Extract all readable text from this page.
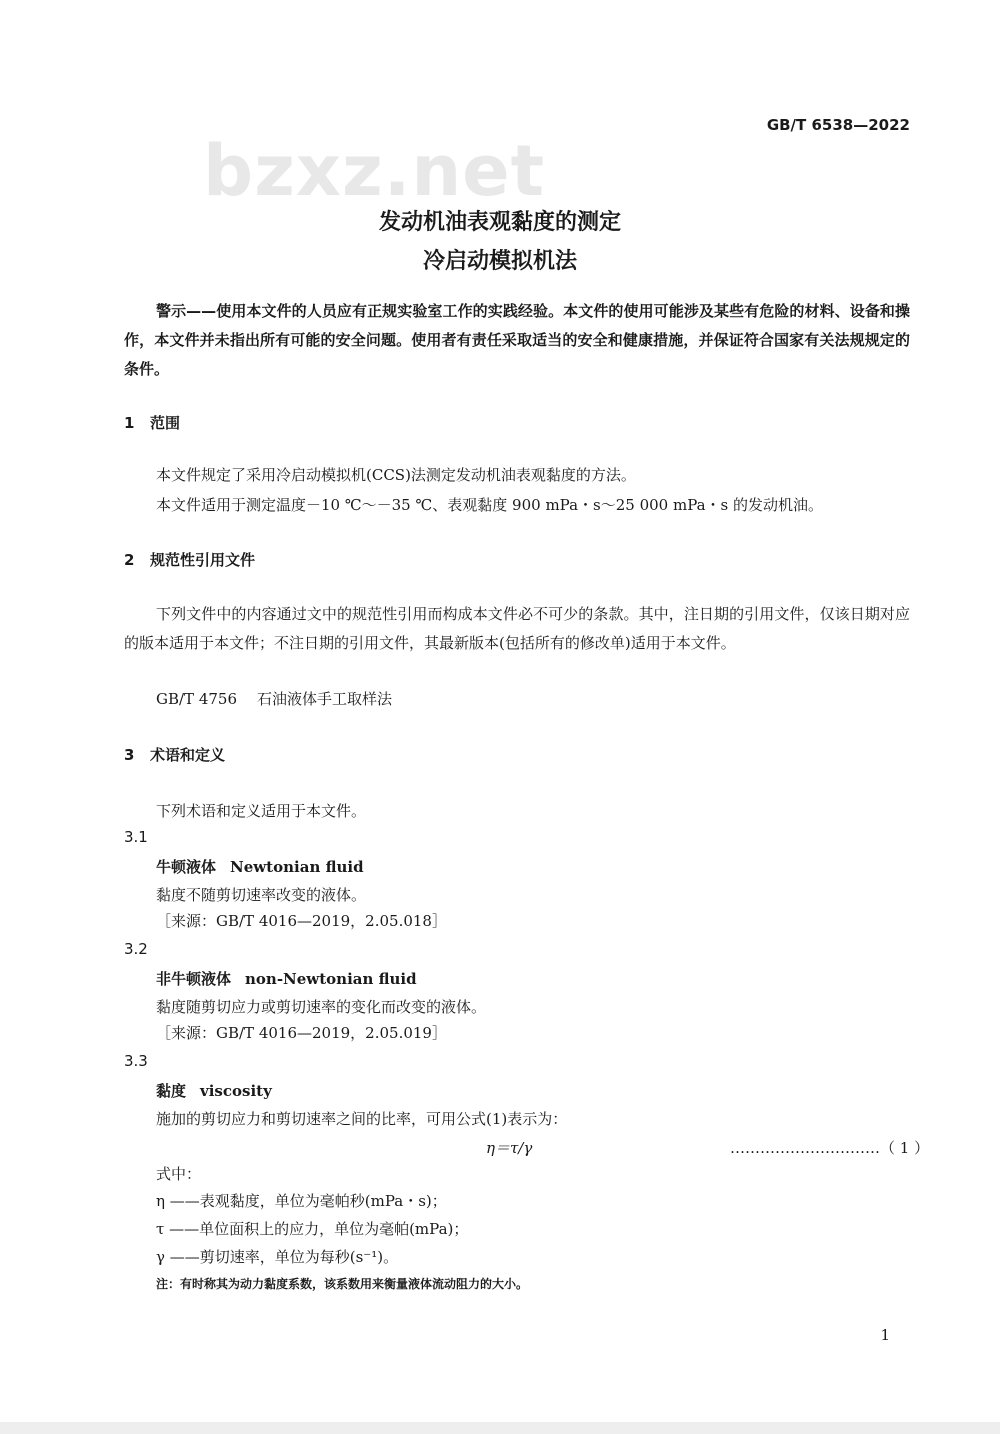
GB/T 6538—2022
bzxz.net
发动机油表观黏度的测定
冷启动模拟机法
警示——使用本文件的人员应有正规实验室工作的实践经验。本文件的使用可能涉及某些有危险的材料、设备和操作，本文件并未指出所有可能的安全问题。使用者有责任采取适当的安全和健康措施，并保证符合国家有关法规规定的条件。
1 范围
本文件规定了采用冷启动模拟机(CCS)法测定发动机油表观黏度的方法。
本文件适用于测定温度－10 ℃～－35 ℃、表观黏度 900 mPa・s～25 000 mPa・s 的发动机油。
2 规范性引用文件
下列文件中的内容通过文中的规范性引用而构成本文件必不可少的条款。其中，注日期的引用文件，仅该日期对应的版本适用于本文件；不注日期的引用文件，其最新版本(包括所有的修改单)适用于本文件。
GB/T 4756 石油液体手工取样法
3 术语和定义
下列术语和定义适用于本文件。
3.1
牛顿液体 Newtonian fluid
黏度不随剪切速率改变的液体。
［来源：GB/T 4016—2019，2.05.018］
3.2
非牛顿液体 non-Newtonian fluid
黏度随剪切应力或剪切速率的变化而改变的液体。
［来源：GB/T 4016—2019，2.05.019］
3.3
黏度 viscosity
施加的剪切应力和剪切速率之间的比率，可用公式(1)表示为：
η＝τ/γ	…………………………（ 1 ）
式中：
η ——表观黏度，单位为毫帕秒(mPa・s)；
τ ——单位面积上的应力，单位为毫帕(mPa)；
γ ——剪切速率，单位为每秒(s⁻¹)。
注：有时称其为动力黏度系数，该系数用来衡量液体流动阻力的大小。
1
